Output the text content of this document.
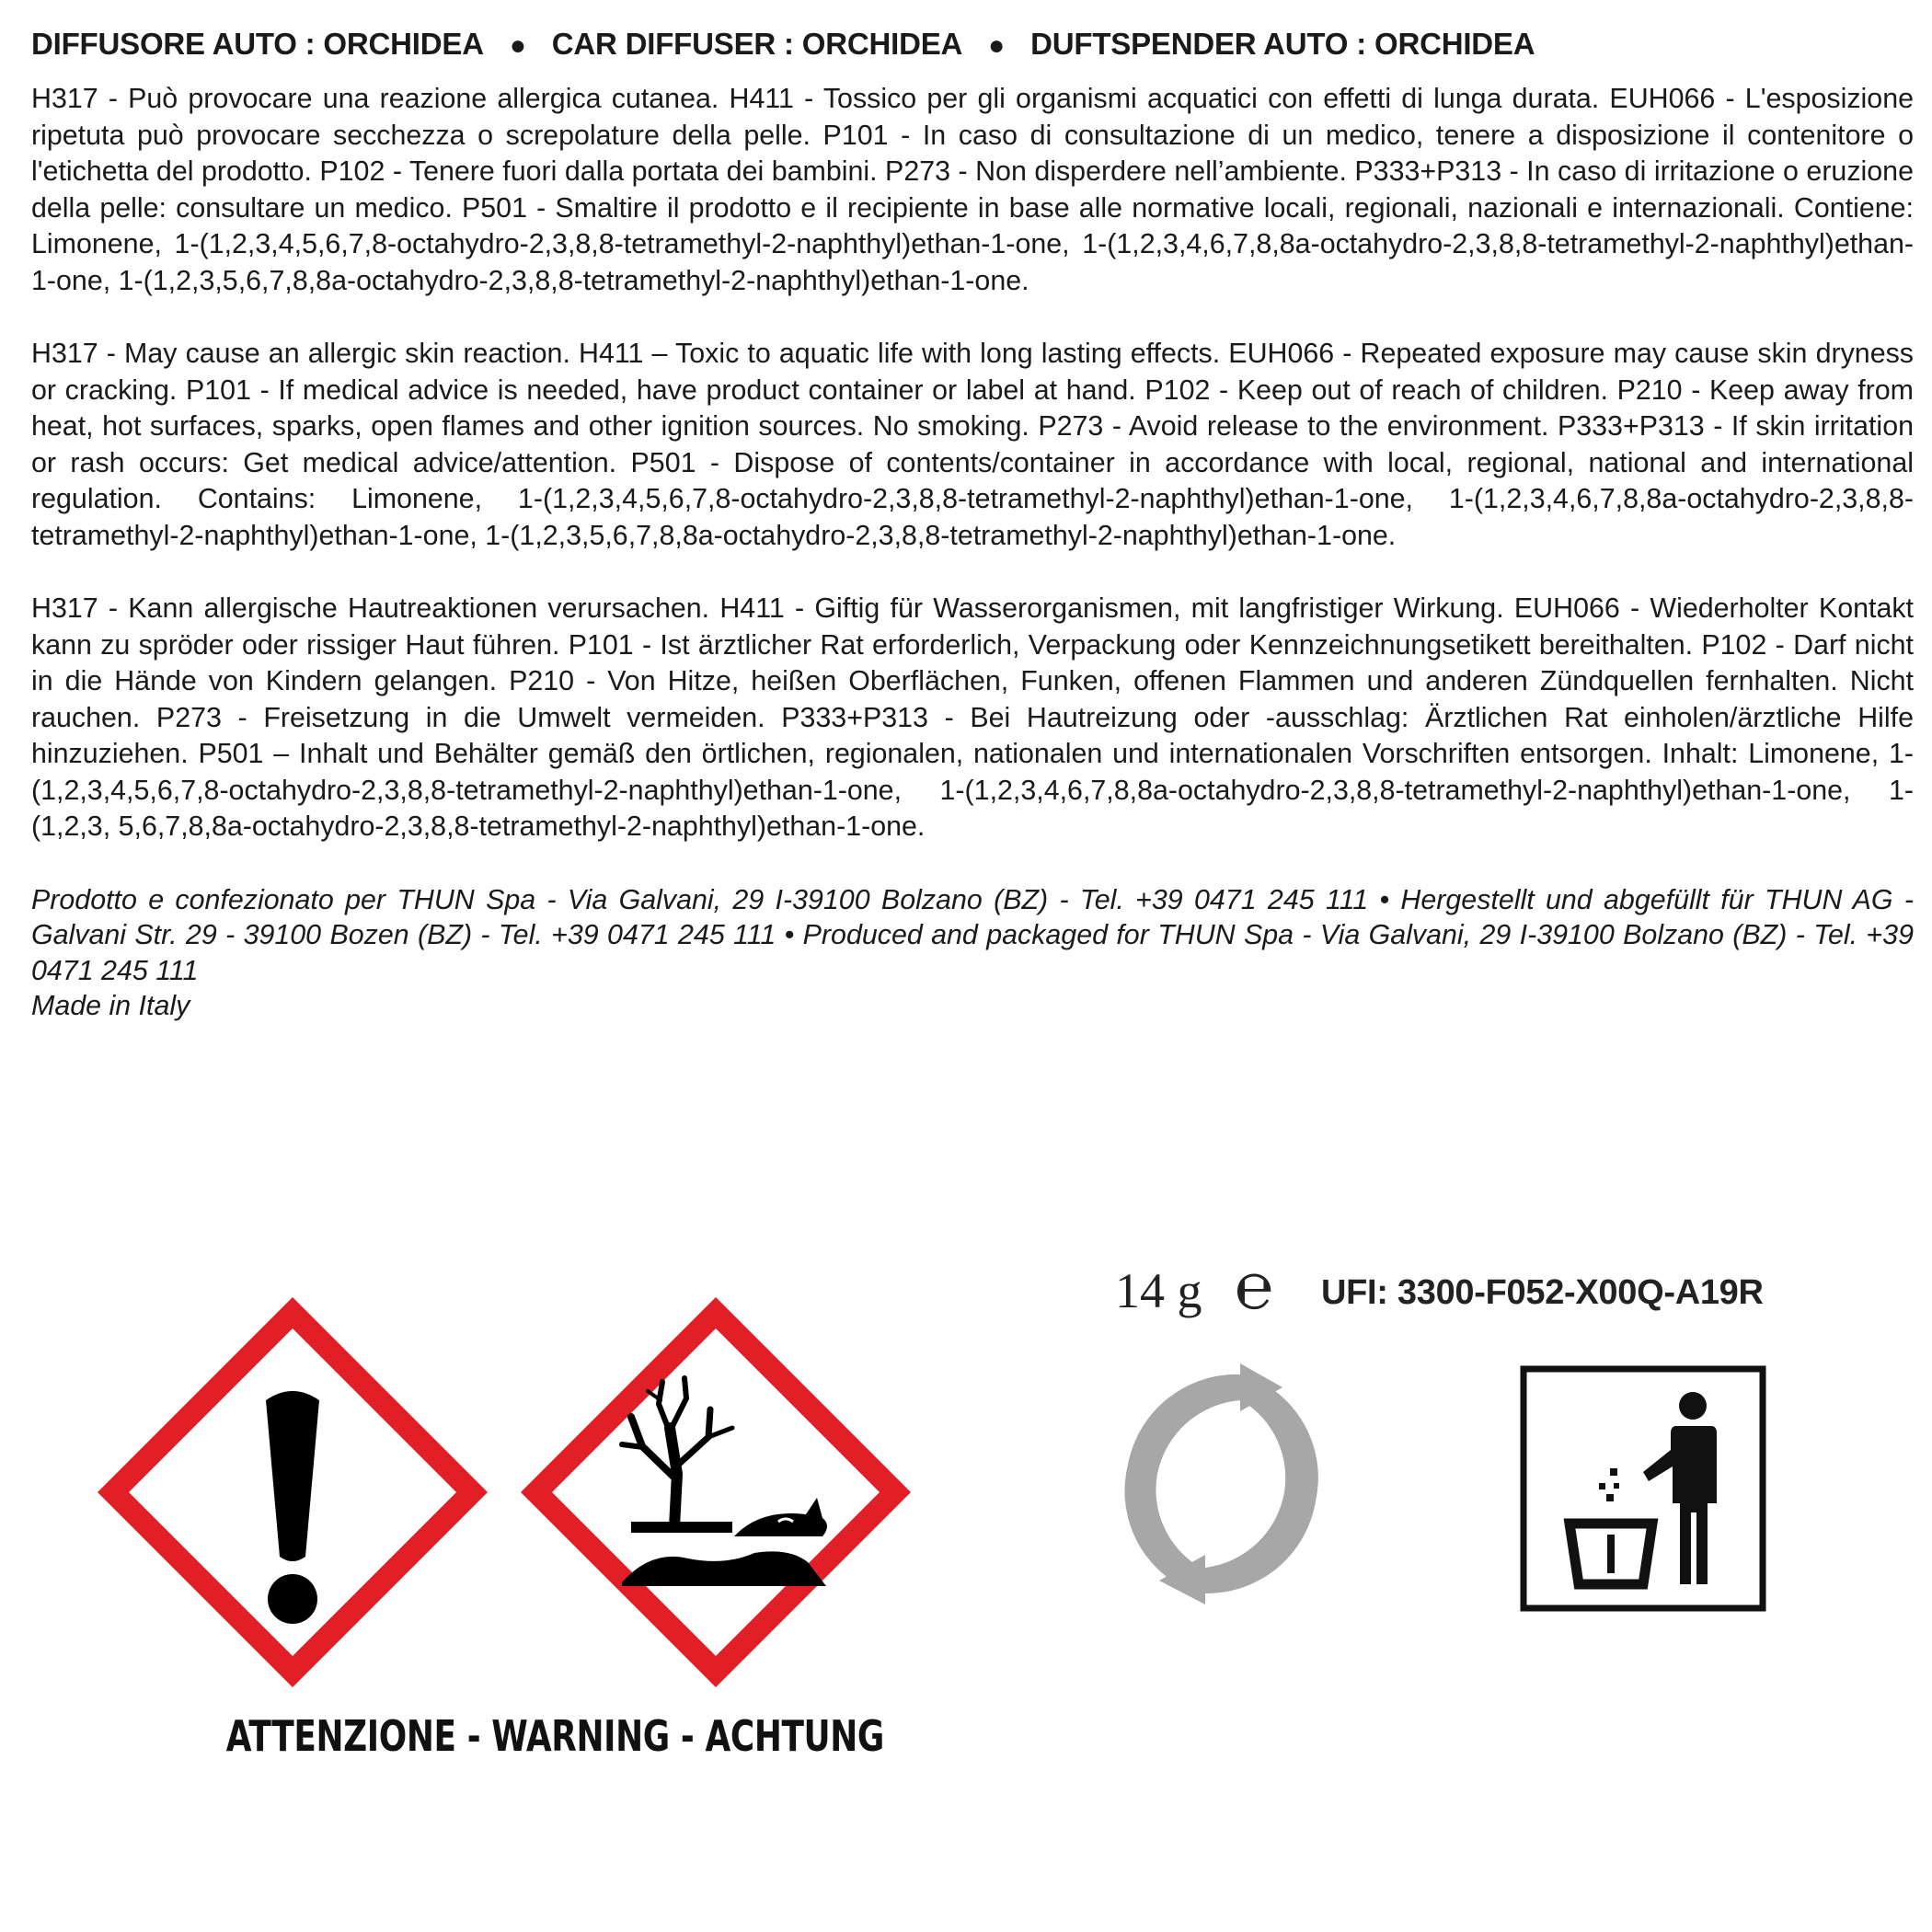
DIFFUSORE AUTO : ORCHIDEA ● CAR DIFFUSER : ORCHIDEA ● DUFTSPENDER AUTO : ORCHIDEA

H317 - Può provocare una reazione allergica cutanea. H411 - Tossico per gli organismi acquatici con effetti di lunga durata. EUH066 - L'esposizione ripetuta può provocare secchezza o screpolature della pelle. P101 - In caso di consultazione di un medico, tenere a disposizione il contenitore o l'etichetta del prodotto. P102 - Tenere fuori dalla portata dei bambini. P273 - Non disperdere nell’ambiente. P333+P313 - In caso di irritazione o eruzione della pelle: consultare un medico. P501 - Smaltire il prodotto e il recipiente in base alle normative locali, regionali, nazionali e internazionali. Contiene: Limonene, 1-(1,2,3,4,5,6,7,8-octahydro-2,3,8,8-tetramethyl-2-naphthyl)ethan-1-one, 1-(1,2,3,4,6,7,8,8a-octahydro-2,3,8,8-tetramethyl-2-naphthyl)ethan-1-one, 1-(1,2,3,5,6,7,8,8a-octahydro-2,3,8,8-tetramethyl-2-naphthyl)ethan-1-one.

H317 - May cause an allergic skin reaction. H411 – Toxic to aquatic life with long lasting effects. EUH066 - Repeated exposure may cause skin dryness or cracking. P101 - If medical advice is needed, have product container or label at hand. P102 - Keep out of reach of children. P210 - Keep away from heat, hot surfaces, sparks, open flames and other ignition sources. No smoking. P273 - Avoid release to the environment. P333+P313 - If skin irritation or rash occurs: Get medical advice/attention. P501 - Dispose of contents/container in accordance with local, regional, national and international regulation. Contains: Limonene, 1-(1,2,3,4,5,6,7,8-octahydro-2,3,8,8-tetramethyl-2-naphthyl)ethan-1-one, 1-(1,2,3,4,6,7,8,8a-octahydro-2,3,8,8-tetramethyl-2-naphthyl)ethan-1-one, 1-(1,2,3,5,6,7,8,8a-octahydro-2,3,8,8-tetramethyl-2-naphthyl)ethan-1-one.

H317 - Kann allergische Hautreaktionen verursachen. H411 - Giftig für Wasserorganismen, mit langfristiger Wirkung. EUH066 - Wiederholter Kontakt kann zu spröder oder rissiger Haut führen. P101 - Ist ärztlicher Rat erforderlich, Verpackung oder Kennzeichnungsetikett bereithalten. P102 - Darf nicht in die Hände von Kindern gelangen. P210 - Von Hitze, heißen Oberflächen, Funken, offenen Flammen und anderen Zündquellen fernhalten. Nicht rauchen. P273 - Freisetzung in die Umwelt vermeiden. P333+P313 - Bei Hautreizung oder -ausschlag: Ärztlichen Rat einholen/ärztliche Hilfe hinzuziehen. P501 – Inhalt und Behälter gemäß den örtlichen, regionalen, nationalen und internationalen Vorschriften entsorgen. Inhalt: Limonene, 1-(1,2,3,4,5,6,7,8-octahydro-2,3,8,8-tetramethyl-2-naphthyl)ethan-1-one, 1-(1,2,3,4,6,7,8,8a-octahydro-2,3,8,8-tetramethyl-2-naphthyl)ethan-1-one, 1-(1,2,3, 5,6,7,8,8a-octahydro-2,3,8,8-tetramethyl-2-naphthyl)ethan-1-one.

Prodotto e confezionato per THUN Spa - Via Galvani, 29 I-39100 Bolzano (BZ) - Tel. +39 0471 245 111 • Hergestellt und abgefüllt für THUN AG - Galvani Str. 29 - 39100 Bozen (BZ) - Tel. +39 0471 245 111 • Produced and packaged for THUN Spa - Via Galvani, 29 I-39100 Bolzano (BZ) - Tel. +39 0471 245 111

Made in Italy

ATTENZIONE - WARNING - ACHTUNG
14 g ℮ UFI: 3300-F052-X00Q-A19R
